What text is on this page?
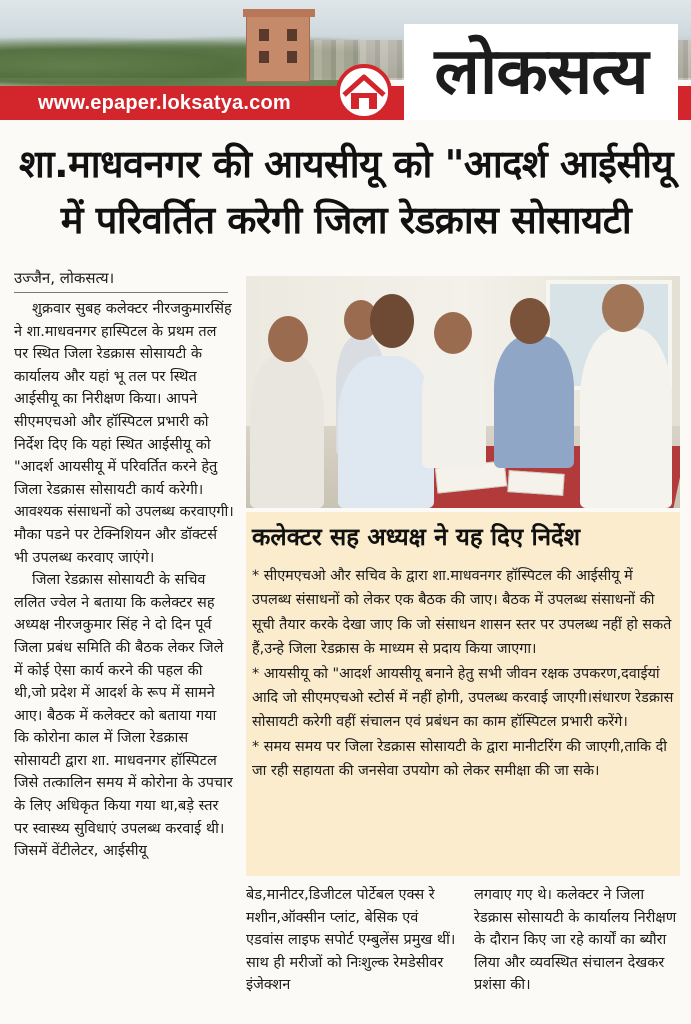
www.epaper.loksatya.com	लोकसत्य
शा.माधवनगर की आयसीयू को "आदर्श आईसीयू
में परिवर्तित करेगी जिला रेडक्रास सोसायटी
उज्जैन, लोकसत्य।

शुक्रवार सुबह कलेक्टर नीरजकुमारसिंह ने शा.माधवनगर हास्पिटल के प्रथम तल पर स्थित जिला रेडक्रास सोसायटी के कार्यालय और यहां भू तल पर स्थित आईसीयू का निरीक्षण किया। आपने सीएमएचओ और हॉस्पिटल प्रभारी को निर्देश दिए कि यहां स्थित आईसीयू को "आदर्श आयसीयू में परिवर्तित करने हेतु जिला रेडक्रास सोसायटी कार्य करेगी। आवश्यक संसाधनों को उपलब्ध करवाएगी। मौका पडने पर टेक्निशियन और डॉक्टर्स भी उपलब्ध करवाए जाएंगे।

जिला रेडक्रास सोसायटी के सचिव ललित ज्वेल ने बताया कि कलेक्टर सह अध्यक्ष नीरजकुमार सिंह ने दो दिन पूर्व जिला प्रबंध समिति की बैठक लेकर जिले में कोई ऐसा कार्य करने की पहल की थी,जो प्रदेश में आदर्श के रूप में सामने आए। बैठक में कलेक्टर को बताया गया कि कोरोना काल में जिला रेडक्रास सोसायटी द्वारा शा. माधवनगर हॉस्पिटल जिसे तत्कालिन समय में कोरोना के उपचार के लिए अधिकृत किया गया था,बड़े स्तर पर स्वास्थ्य सुविधाएं उपलब्ध करवाई थी। जिसमें वेंटीलेटर, आईसीयू

कलेक्टर सह अध्यक्ष ने यह दिए निर्देश

* सीएमएचओ और सचिव के द्वारा शा.माधवनगर हॉस्पिटल की आईसीयू में उपलब्ध संसाधनों को लेकर एक बैठक की जाए। बैठक में उपलब्ध संसाधनों की सूची तैयार करके देखा जाए कि जो संसाधन शासन स्तर पर उपलब्ध नहीं हो सकते हैं,उन्हे जिला रेडक्रास के माध्यम से प्रदाय किया जाएगा।

* आयसीयू को "आदर्श आयसीयू बनाने हेतु सभी जीवन रक्षक उपकरण,दवाईयां आदि जो सीएमएचओ स्टोर्स में नहीं होगी, उपलब्ध करवाई जाएगी।संधारण रेडक्रास सोसायटी करेगी वहीं संचालन एवं प्रबंधन का काम हॉस्पिटल प्रभारी करेंगे।

* समय समय पर जिला रेडक्रास सोसायटी के द्वारा मानीटरिंग की जाएगी,ताकि दी जा रही सहायता की जनसेवा उपयोग को लेकर समीक्षा की जा सके।

बेड,मानीटर,डिजीटल पोर्टेबल एक्स रे मशीन,ऑक्सीन प्लांट, बेसिक एवं एडवांस लाइफ सपोर्ट एम्बुलेंस प्रमुख थीं। साथ ही मरीजों को निःशुल्क रेमडेसीवर इंजेक्शन

लगवाए गए थे। कलेक्टर ने जिला रेडक्रास सोसायटी के कार्यालय निरीक्षण के दौरान किए जा रहे कार्यों का ब्यौरा लिया और व्यवस्थित संचालन देखकर प्रशंसा की।
